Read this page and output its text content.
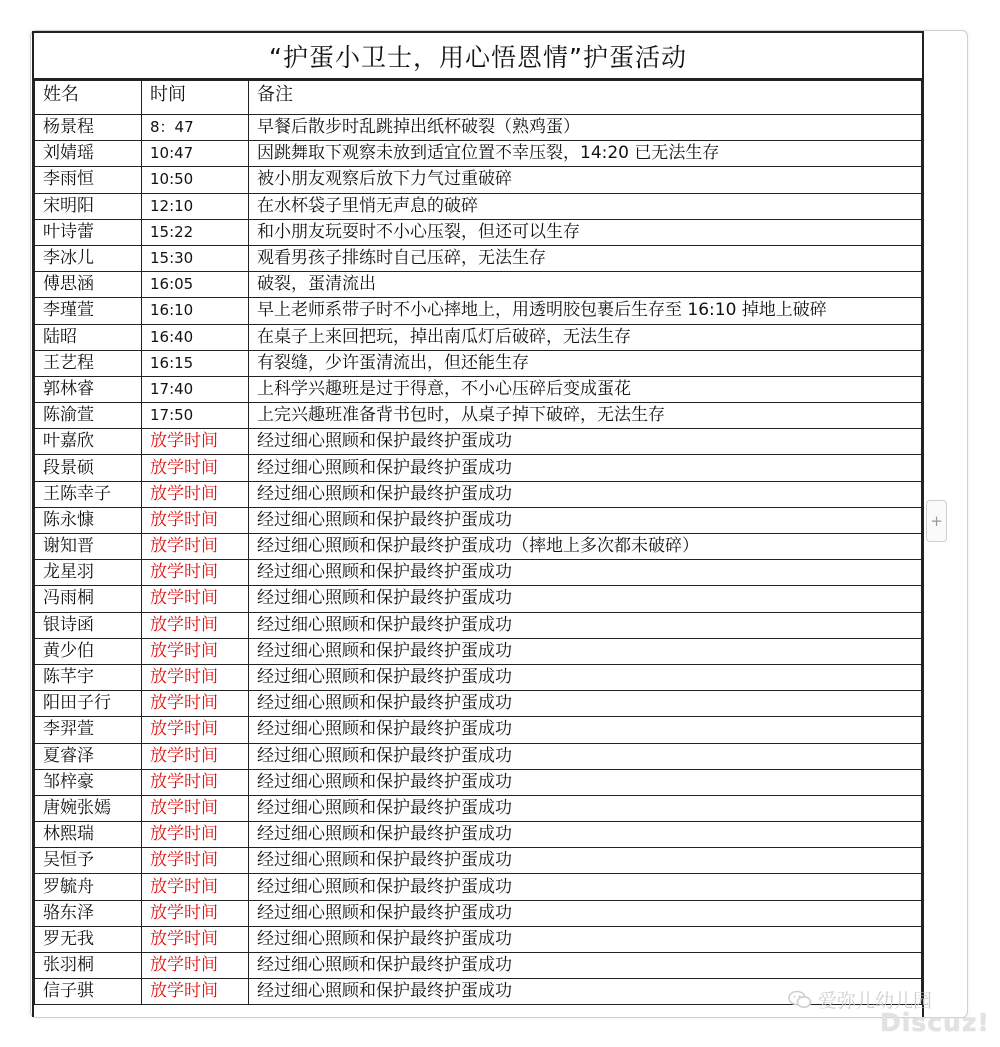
“护蛋小卫士，用心悟恩情”护蛋活动
姓名	时间	备注
杨景程	8：47	早餐后散步时乱跳掉出纸杯破裂（熟鸡蛋）
刘婧瑶	10:47	因跳舞取下观察未放到适宜位置不幸压裂，14:20 已无法生存
李雨恒	10:50	被小朋友观察后放下力气过重破碎
宋明阳	12:10	在水杯袋子里悄无声息的破碎
叶诗蕾	15:22	和小朋友玩耍时不小心压裂，但还可以生存
李冰儿	15:30	观看男孩子排练时自己压碎，无法生存
傅思涵	16:05	破裂，蛋清流出
李瑾萱	16:10	早上老师系带子时不小心摔地上，用透明胶包裹后生存至 16:10 掉地上破碎
陆昭	16:40	在桌子上来回把玩，掉出南瓜灯后破碎，无法生存
王艺程	16:15	有裂缝，少许蛋清流出，但还能生存
郭林睿	17:40	上科学兴趣班是过于得意，不小心压碎后变成蛋花
陈渝萱	17:50	上完兴趣班准备背书包时，从桌子掉下破碎，无法生存
叶嘉欣	放学时间	经过细心照顾和保护最终护蛋成功
段景硕	放学时间	经过细心照顾和保护最终护蛋成功
王陈幸子	放学时间	经过细心照顾和保护最终护蛋成功
陈永慷	放学时间	经过细心照顾和保护最终护蛋成功
谢知晋	放学时间	经过细心照顾和保护最终护蛋成功（摔地上多次都未破碎）
龙星羽	放学时间	经过细心照顾和保护最终护蛋成功
冯雨桐	放学时间	经过细心照顾和保护最终护蛋成功
银诗函	放学时间	经过细心照顾和保护最终护蛋成功
黄少伯	放学时间	经过细心照顾和保护最终护蛋成功
陈芊宇	放学时间	经过细心照顾和保护最终护蛋成功
阳田子行	放学时间	经过细心照顾和保护最终护蛋成功
李羿萱	放学时间	经过细心照顾和保护最终护蛋成功
夏睿泽	放学时间	经过细心照顾和保护最终护蛋成功
邹梓豪	放学时间	经过细心照顾和保护最终护蛋成功
唐婉张嫣	放学时间	经过细心照顾和保护最终护蛋成功
林熙瑞	放学时间	经过细心照顾和保护最终护蛋成功
吴恒予	放学时间	经过细心照顾和保护最终护蛋成功
罗毓舟	放学时间	经过细心照顾和保护最终护蛋成功
骆东泽	放学时间	经过细心照顾和保护最终护蛋成功
罗无我	放学时间	经过细心照顾和保护最终护蛋成功
张羽桐	放学时间	经过细心照顾和保护最终护蛋成功
信子骐	放学时间	经过细心照顾和保护最终护蛋成功
+
爱弥儿幼儿园
Discuz!
